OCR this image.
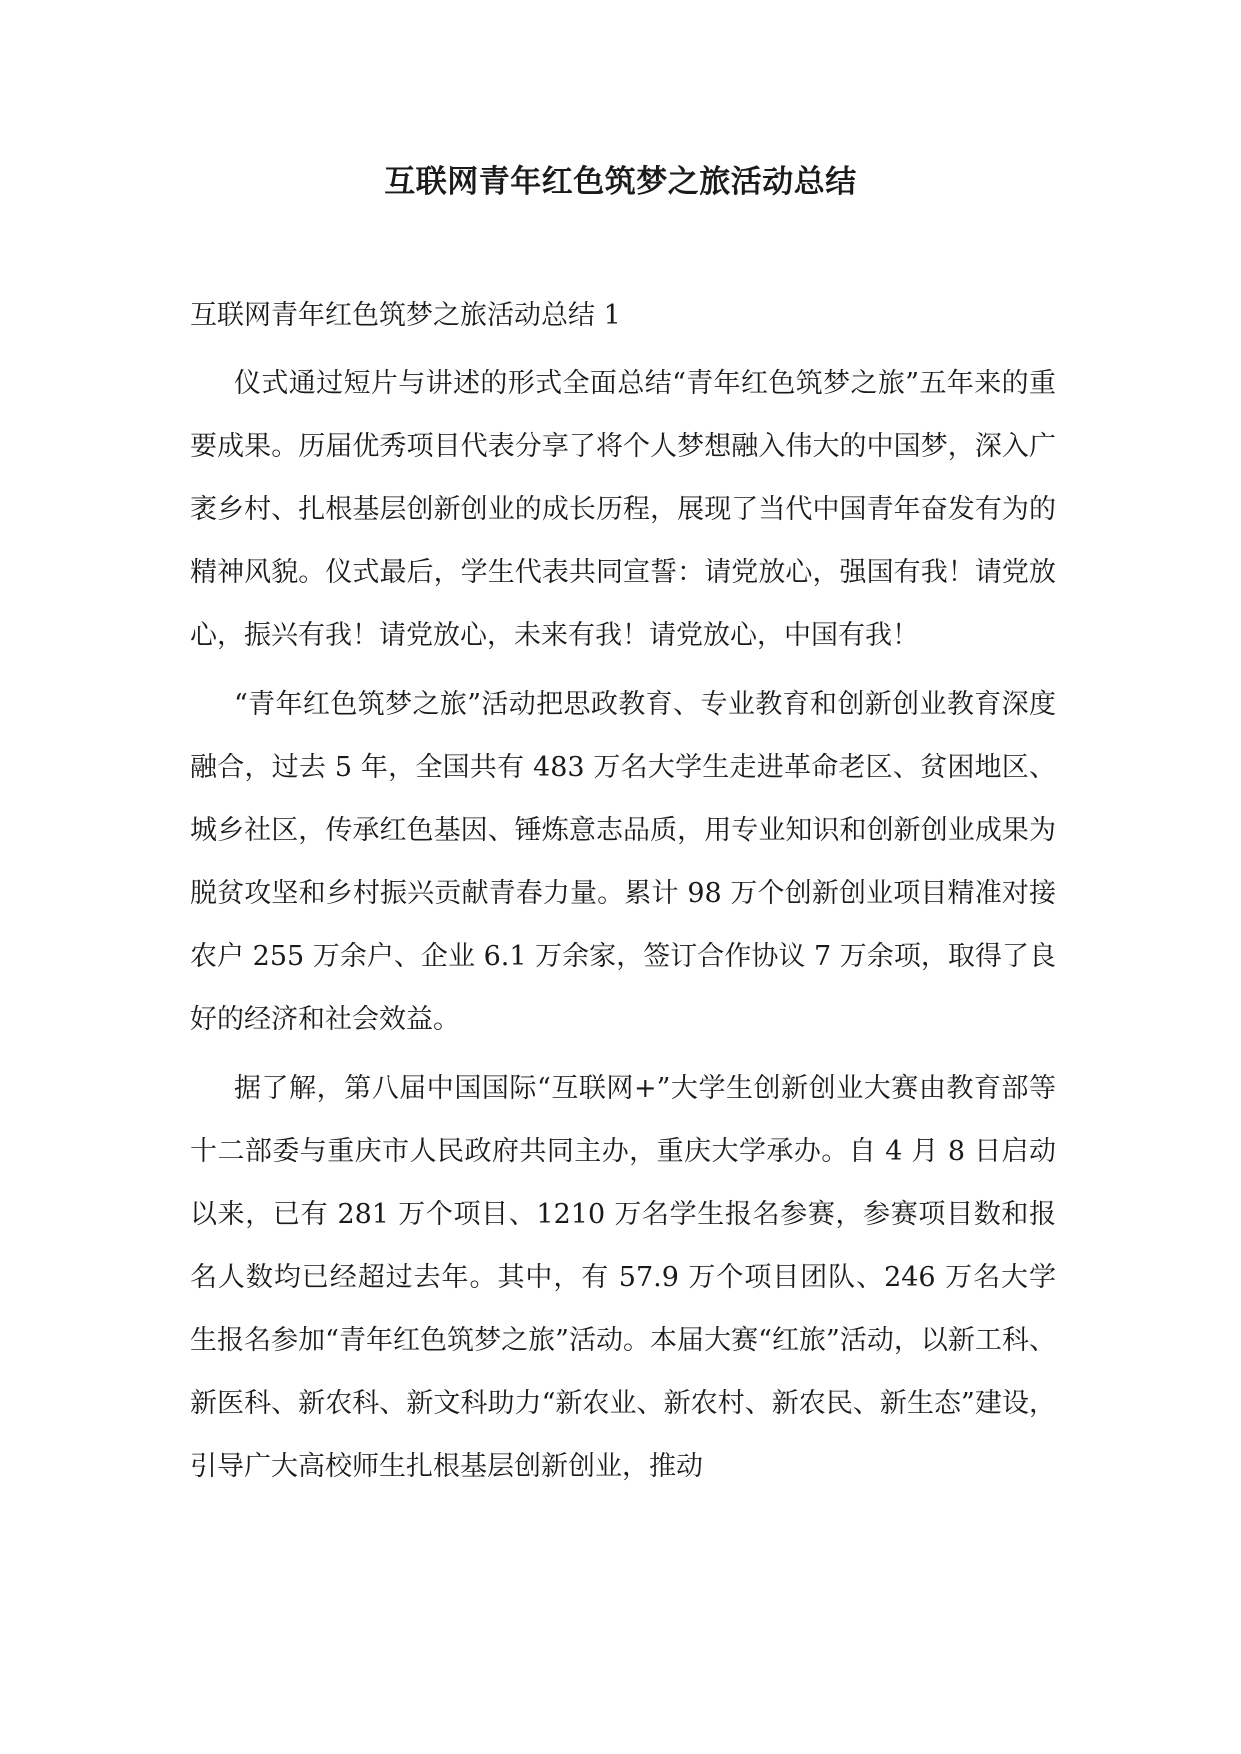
互联网青年红色筑梦之旅活动总结
互联网青年红色筑梦之旅活动总结 1

仪式通过短片与讲述的形式全面总结“青年红色筑梦之旅”五年来的重要成果。历届优秀项目代表分享了将个人梦想融入伟大的中国梦，深入广袤乡村、扎根基层创新创业的成长历程，展现了当代中国青年奋发有为的精神风貌。仪式最后，学生代表共同宣誓：请党放心，强国有我！请党放心，振兴有我！请党放心，未来有我！请党放心，中国有我！

“青年红色筑梦之旅”活动把思政教育、专业教育和创新创业教育深度融合，过去 5 年，全国共有 483 万名大学生走进革命老区、贫困地区、城乡社区，传承红色基因、锤炼意志品质，用专业知识和创新创业成果为脱贫攻坚和乡村振兴贡献青春力量。累计 98 万个创新创业项目精准对接农户 255 万余户、企业 6.1 万余家，签订合作协议 7 万余项，取得了良好的经济和社会效益。

据了解，第八届中国国际“互联网+”大学生创新创业大赛由教育部等十二部委与重庆市人民政府共同主办，重庆大学承办。自 4 月 8 日启动以来，已有 281 万个项目、1210 万名学生报名参赛，参赛项目数和报名人数均已经超过去年。其中，有 57.9 万个项目团队、246 万名大学生报名参加“青年红色筑梦之旅”活动。本届大赛“红旅”活动，以新工科、新医科、新农科、新文科助力“新农业、新农村、新农民、新生态”建设，引导广大高校师生扎根基层创新创业，推动
